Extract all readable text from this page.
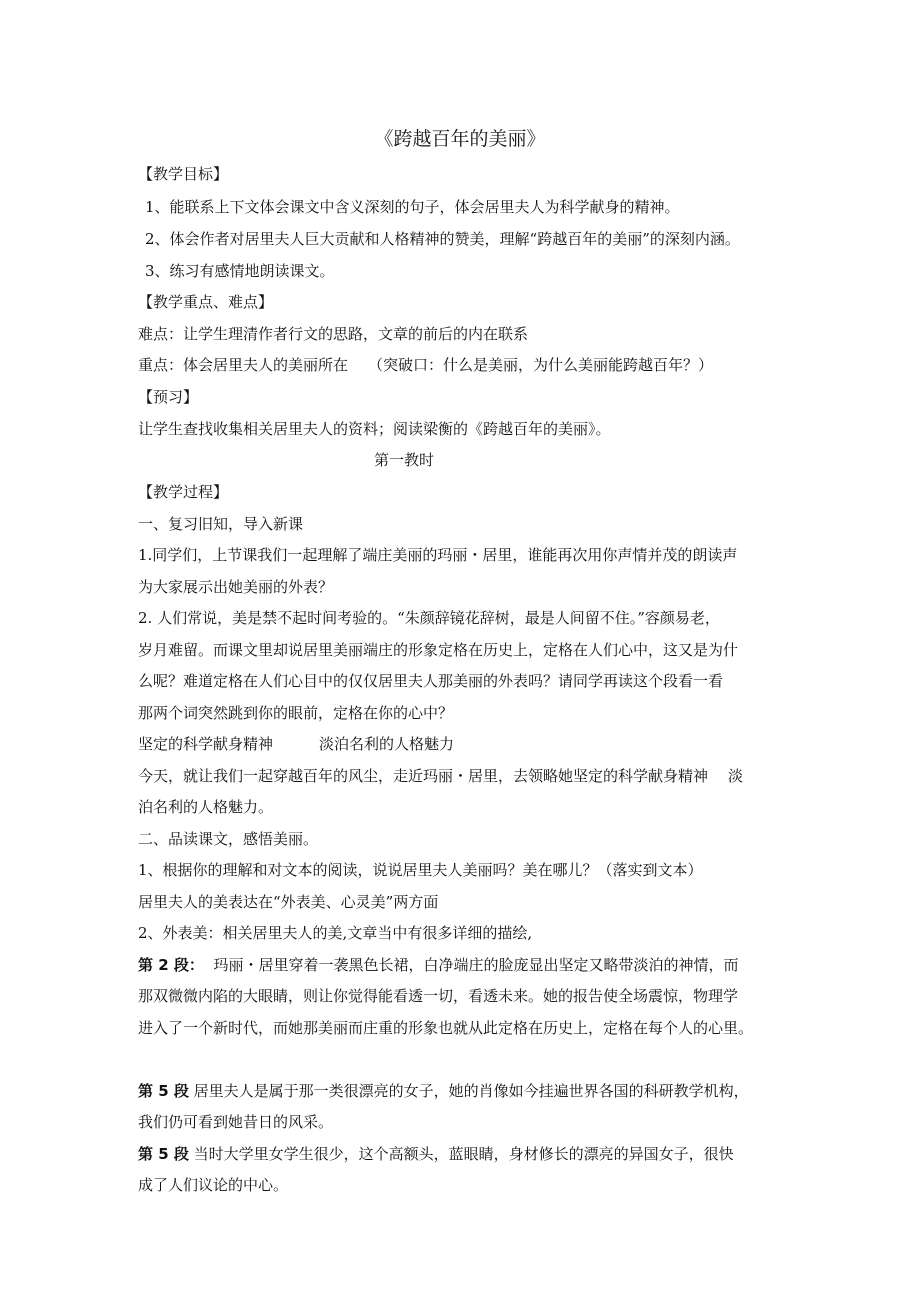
《跨越百年的美丽》
【教学目标】
1、能联系上下文体会课文中含义深刻的句子，体会居里夫人为科学献身的精神。
2、体会作者对居里夫人巨大贡献和人格精神的赞美，理解“跨越百年的美丽”的深刻内涵。
3、练习有感情地朗读课文。
【教学重点、难点】
难点：让学生理清作者行文的思路，文章的前后的内在联系
重点：体会居里夫人的美丽所在 （突破口：什么是美丽，为什么美丽能跨越百年？）
【预习】
让学生查找收集相关居里夫人的资料；阅读梁衡的《跨越百年的美丽》。
第一教时
【教学过程】
一、复习旧知，导入新课
1.同学们，上节课我们一起理解了端庄美丽的玛丽・居里，谁能再次用你声情并茂的朗读声
为大家展示出她美丽的外表？
2. 人们常说，美是禁不起时间考验的。“朱颜辞镜花辞树，最是人间留不住。”容颜易老，
岁月难留。而课文里却说居里美丽端庄的形象定格在历史上，定格在人们心中，这又是为什
么呢？难道定格在人们心目中的仅仅居里夫人那美丽的外表吗？请同学再读这个段看一看
那两个词突然跳到你的眼前，定格在你的心中？
坚定的科学献身精神	淡泊名利的人格魅力
今天，就让我们一起穿越百年的风尘，走近玛丽・居里，去领略她坚定的科学献身精神 淡
泊名利的人格魅力。
二、品读课文，感悟美丽。
1、根据你的理解和对文本的阅读，说说居里夫人美丽吗？美在哪儿？（落实到文本）
居里夫人的美表达在“外表美、心灵美”两方面
2、外表美：相关居里夫人的美,文章当中有很多详细的描绘,
第 2 段： 玛丽・居里穿着一袭黑色长裙，白净端庄的脸庞显出坚定又略带淡泊的神情，而
那双微微内陷的大眼睛，则让你觉得能看透一切，看透未来。她的报告使全场震惊，物理学
进入了一个新时代，而她那美丽而庄重的形象也就从此定格在历史上，定格在每个人的心里。
第 5 段 居里夫人是属于那一类很漂亮的女子，她的肖像如今挂遍世界各国的科研教学机构，
我们仍可看到她昔日的风采。
第 5 段 当时大学里女学生很少，这个高额头，蓝眼睛，身材修长的漂亮的异国女子，很快
成了人们议论的中心。
